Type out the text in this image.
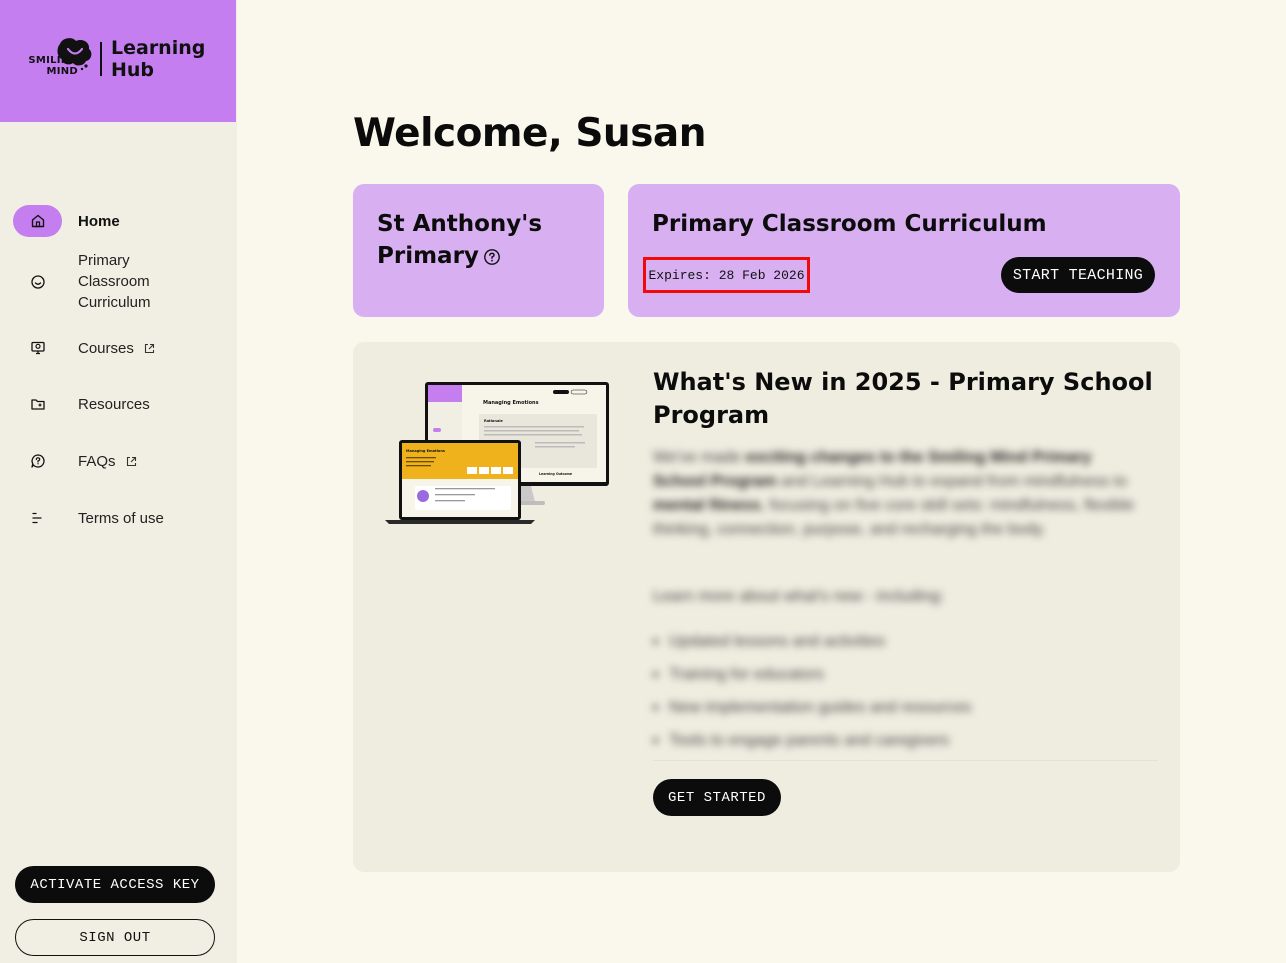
SMILING
MIND
Learning Hub
Home
Primary Classroom Curriculum
Courses
Resources
FAQs
Terms of use
ACTIVATE ACCESS KEY
SIGN OUT
Welcome, Susan
St Anthony's Primary
Primary Classroom Curriculum
Expires: 28 Feb 2026	START TEACHING
Managing Emotions
Rationale
Learning Outcome
Managing Emotions
What's New in 2025 - Primary School Program

We've made exciting changes to the Smiling Mind Primary School Program and Learning Hub to expand from mindfulness to mental fitness, focusing on five core skill sets: mindfulness, flexible thinking, connection, purpose, and recharging the body.

Learn more about what's new - including:

Updated lessons and activities
Training for educators
New implementation guides and resources
Tools to engage parents and caregivers
GET STARTED
